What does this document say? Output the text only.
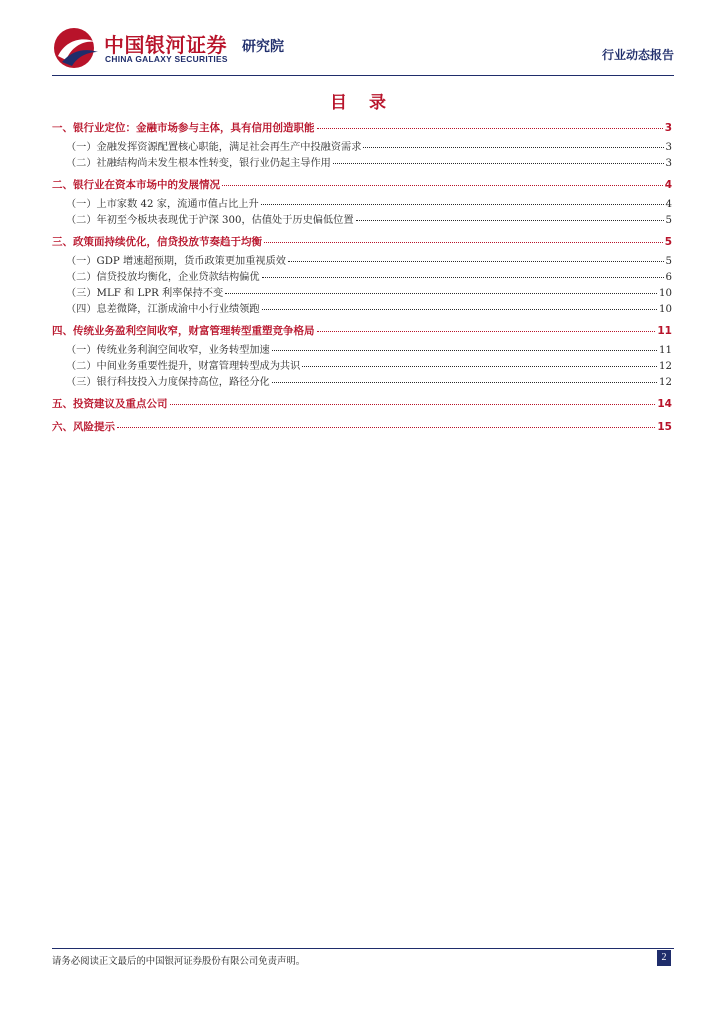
中国银河证券
CHINA GALAXY SECURITIES
研究院	行业动态报告
目 录
一、银行业定位：金融市场参与主体，具有信用创造职能	3
（一）金融发挥资源配置核心职能，满足社会再生产中投融资需求	3
（二）社融结构尚未发生根本性转变，银行业仍起主导作用	3
二、银行业在资本市场中的发展情况	4
（一）上市家数 42 家，流通市值占比上升	4
（二）年初至今板块表现优于沪深 300，估值处于历史偏低位置	5
三、政策面持续优化，信贷投放节奏趋于均衡	5
（一）GDP 增速超预期，货币政策更加重视质效	5
（二）信贷投放均衡化，企业贷款结构偏优	6
（三）MLF 和 LPR 利率保持不变	10
（四）息差微降，江浙成渝中小行业绩领跑	10
四、传统业务盈利空间收窄，财富管理转型重塑竞争格局	11
（一）传统业务利润空间收窄，业务转型加速	11
（二）中间业务重要性提升，财富管理转型成为共识	12
（三）银行科技投入力度保持高位，路径分化	12
五、投资建议及重点公司	14
六、风险提示	15
请务必阅读正文最后的中国银河证券股份有限公司免责声明。	2
